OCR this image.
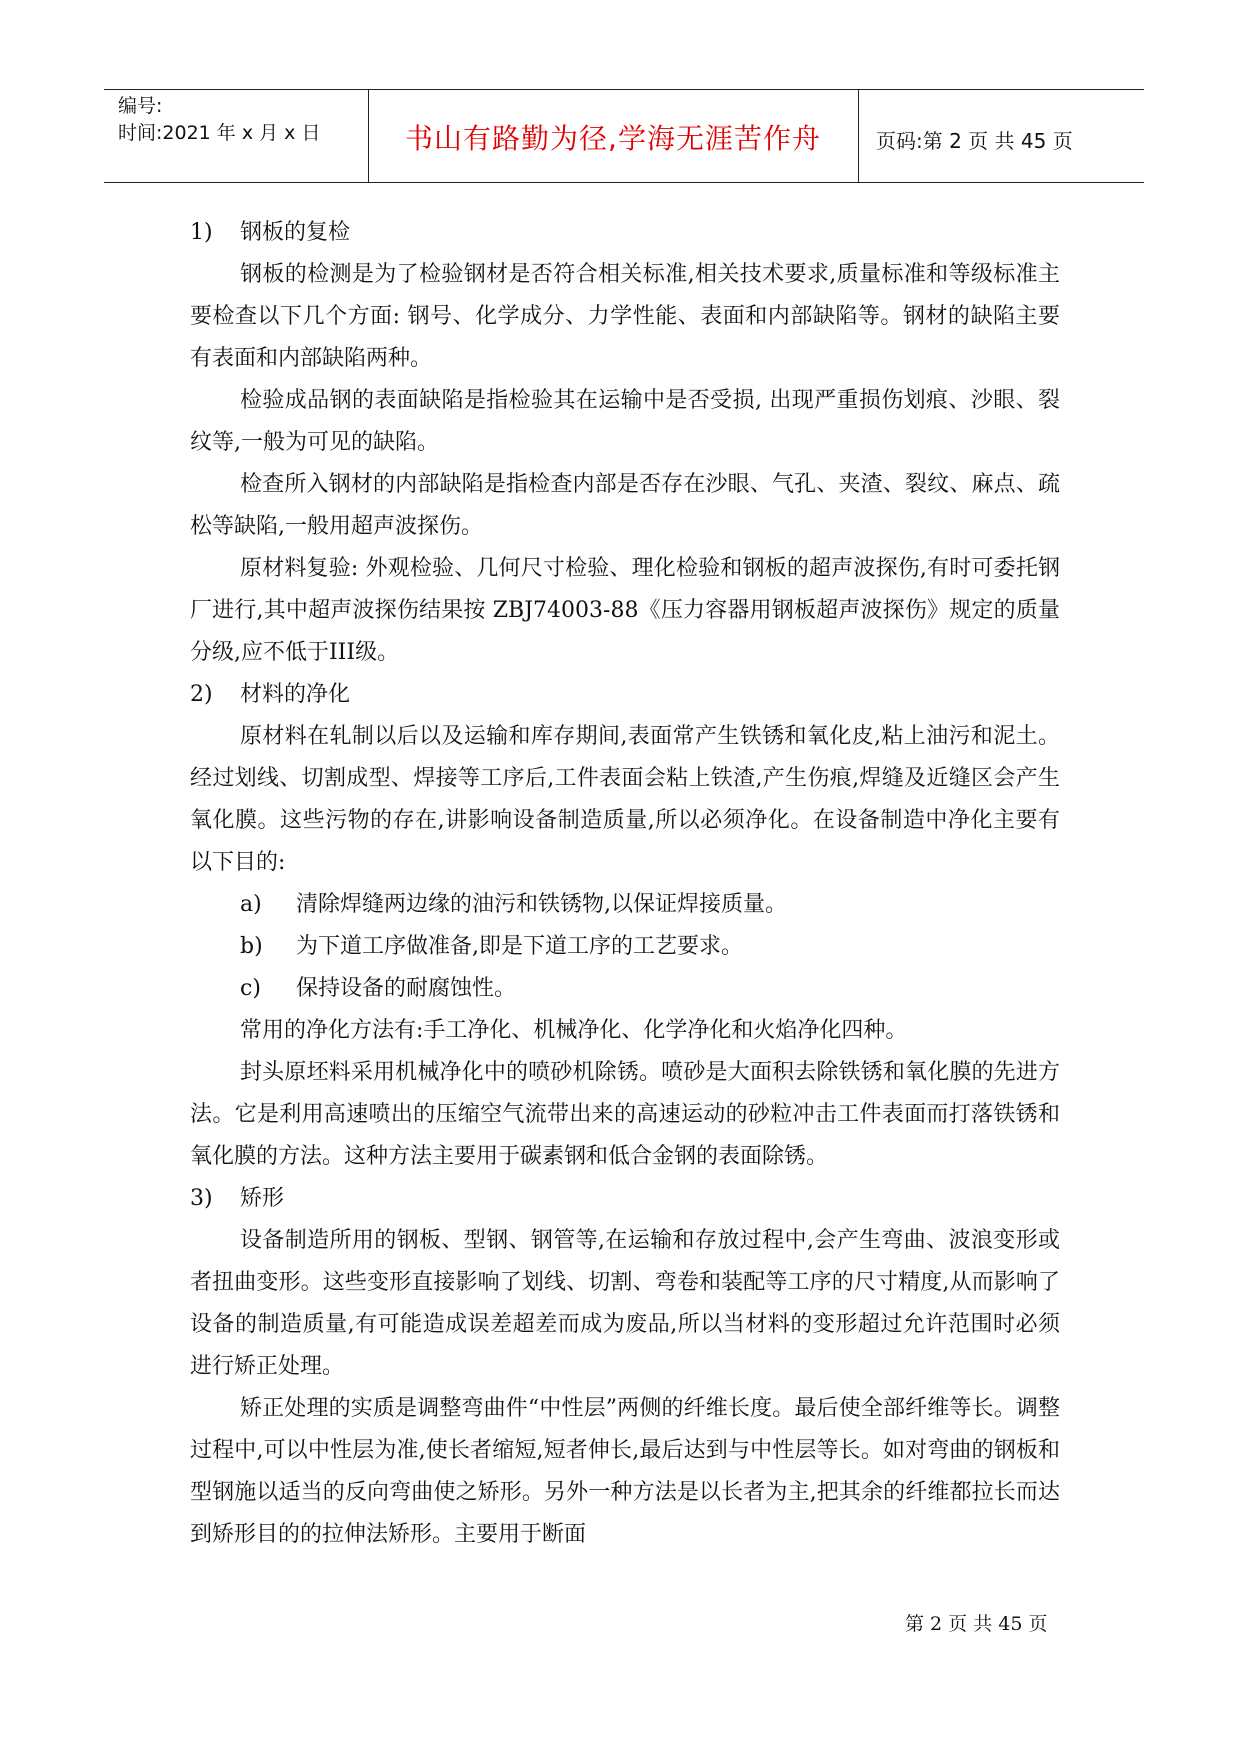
编号:
时间:2021 年 x 月 x 日	书山有路勤为径,学海无涯苦作舟	页码:第 2 页 共 45 页
1)	钢板的复检

钢板的检测是为了检验钢材是否符合相关标准,相关技术要求,质量标准和等级标准主要检查以下几个方面: 钢号、化学成分、力学性能、表面和内部缺陷等。钢材的缺陷主要有表面和内部缺陷两种。

检验成品钢的表面缺陷是指检验其在运输中是否受损, 出现严重损伤划痕、沙眼、裂纹等,一般为可见的缺陷。

检查所入钢材的内部缺陷是指检查内部是否存在沙眼、气孔、夹渣、裂纹、麻点、疏松等缺陷,一般用超声波探伤。

原材料复验: 外观检验、几何尺寸检验、理化检验和钢板的超声波探伤,有时可委托钢厂进行,其中超声波探伤结果按 ZBJ74003-88《压力容器用钢板超声波探伤》规定的质量分级,应不低于III级。

2)	材料的净化

原材料在轧制以后以及运输和库存期间,表面常产生铁锈和氧化皮,粘上油污和泥土。经过划线、切割成型、焊接等工序后,工件表面会粘上铁渣,产生伤痕,焊缝及近缝区会产生氧化膜。这些污物的存在,讲影响设备制造质量,所以必须净化。在设备制造中净化主要有以下目的:

a)	清除焊缝两边缘的油污和铁锈物,以保证焊接质量。
b)	为下道工序做准备,即是下道工序的工艺要求。
c)	保持设备的耐腐蚀性。

常用的净化方法有:手工净化、机械净化、化学净化和火焰净化四种。

封头原坯料采用机械净化中的喷砂机除锈。喷砂是大面积去除铁锈和氧化膜的先进方法。它是利用高速喷出的压缩空气流带出来的高速运动的砂粒冲击工件表面而打落铁锈和氧化膜的方法。这种方法主要用于碳素钢和低合金钢的表面除锈。

3)	矫形

设备制造所用的钢板、型钢、钢管等,在运输和存放过程中,会产生弯曲、波浪变形或者扭曲变形。这些变形直接影响了划线、切割、弯卷和装配等工序的尺寸精度,从而影响了设备的制造质量,有可能造成误差超差而成为废品,所以当材料的变形超过允许范围时必须进行矫正处理。

矫正处理的实质是调整弯曲件“中性层”两侧的纤维长度。最后使全部纤维等长。调整过程中,可以中性层为准,使长者缩短,短者伸长,最后达到与中性层等长。如对弯曲的钢板和型钢施以适当的反向弯曲使之矫形。另外一种方法是以长者为主,把其余的纤维都拉长而达到矫形目的的拉伸法矫形。主要用于断面

第 2 页 共 45 页
